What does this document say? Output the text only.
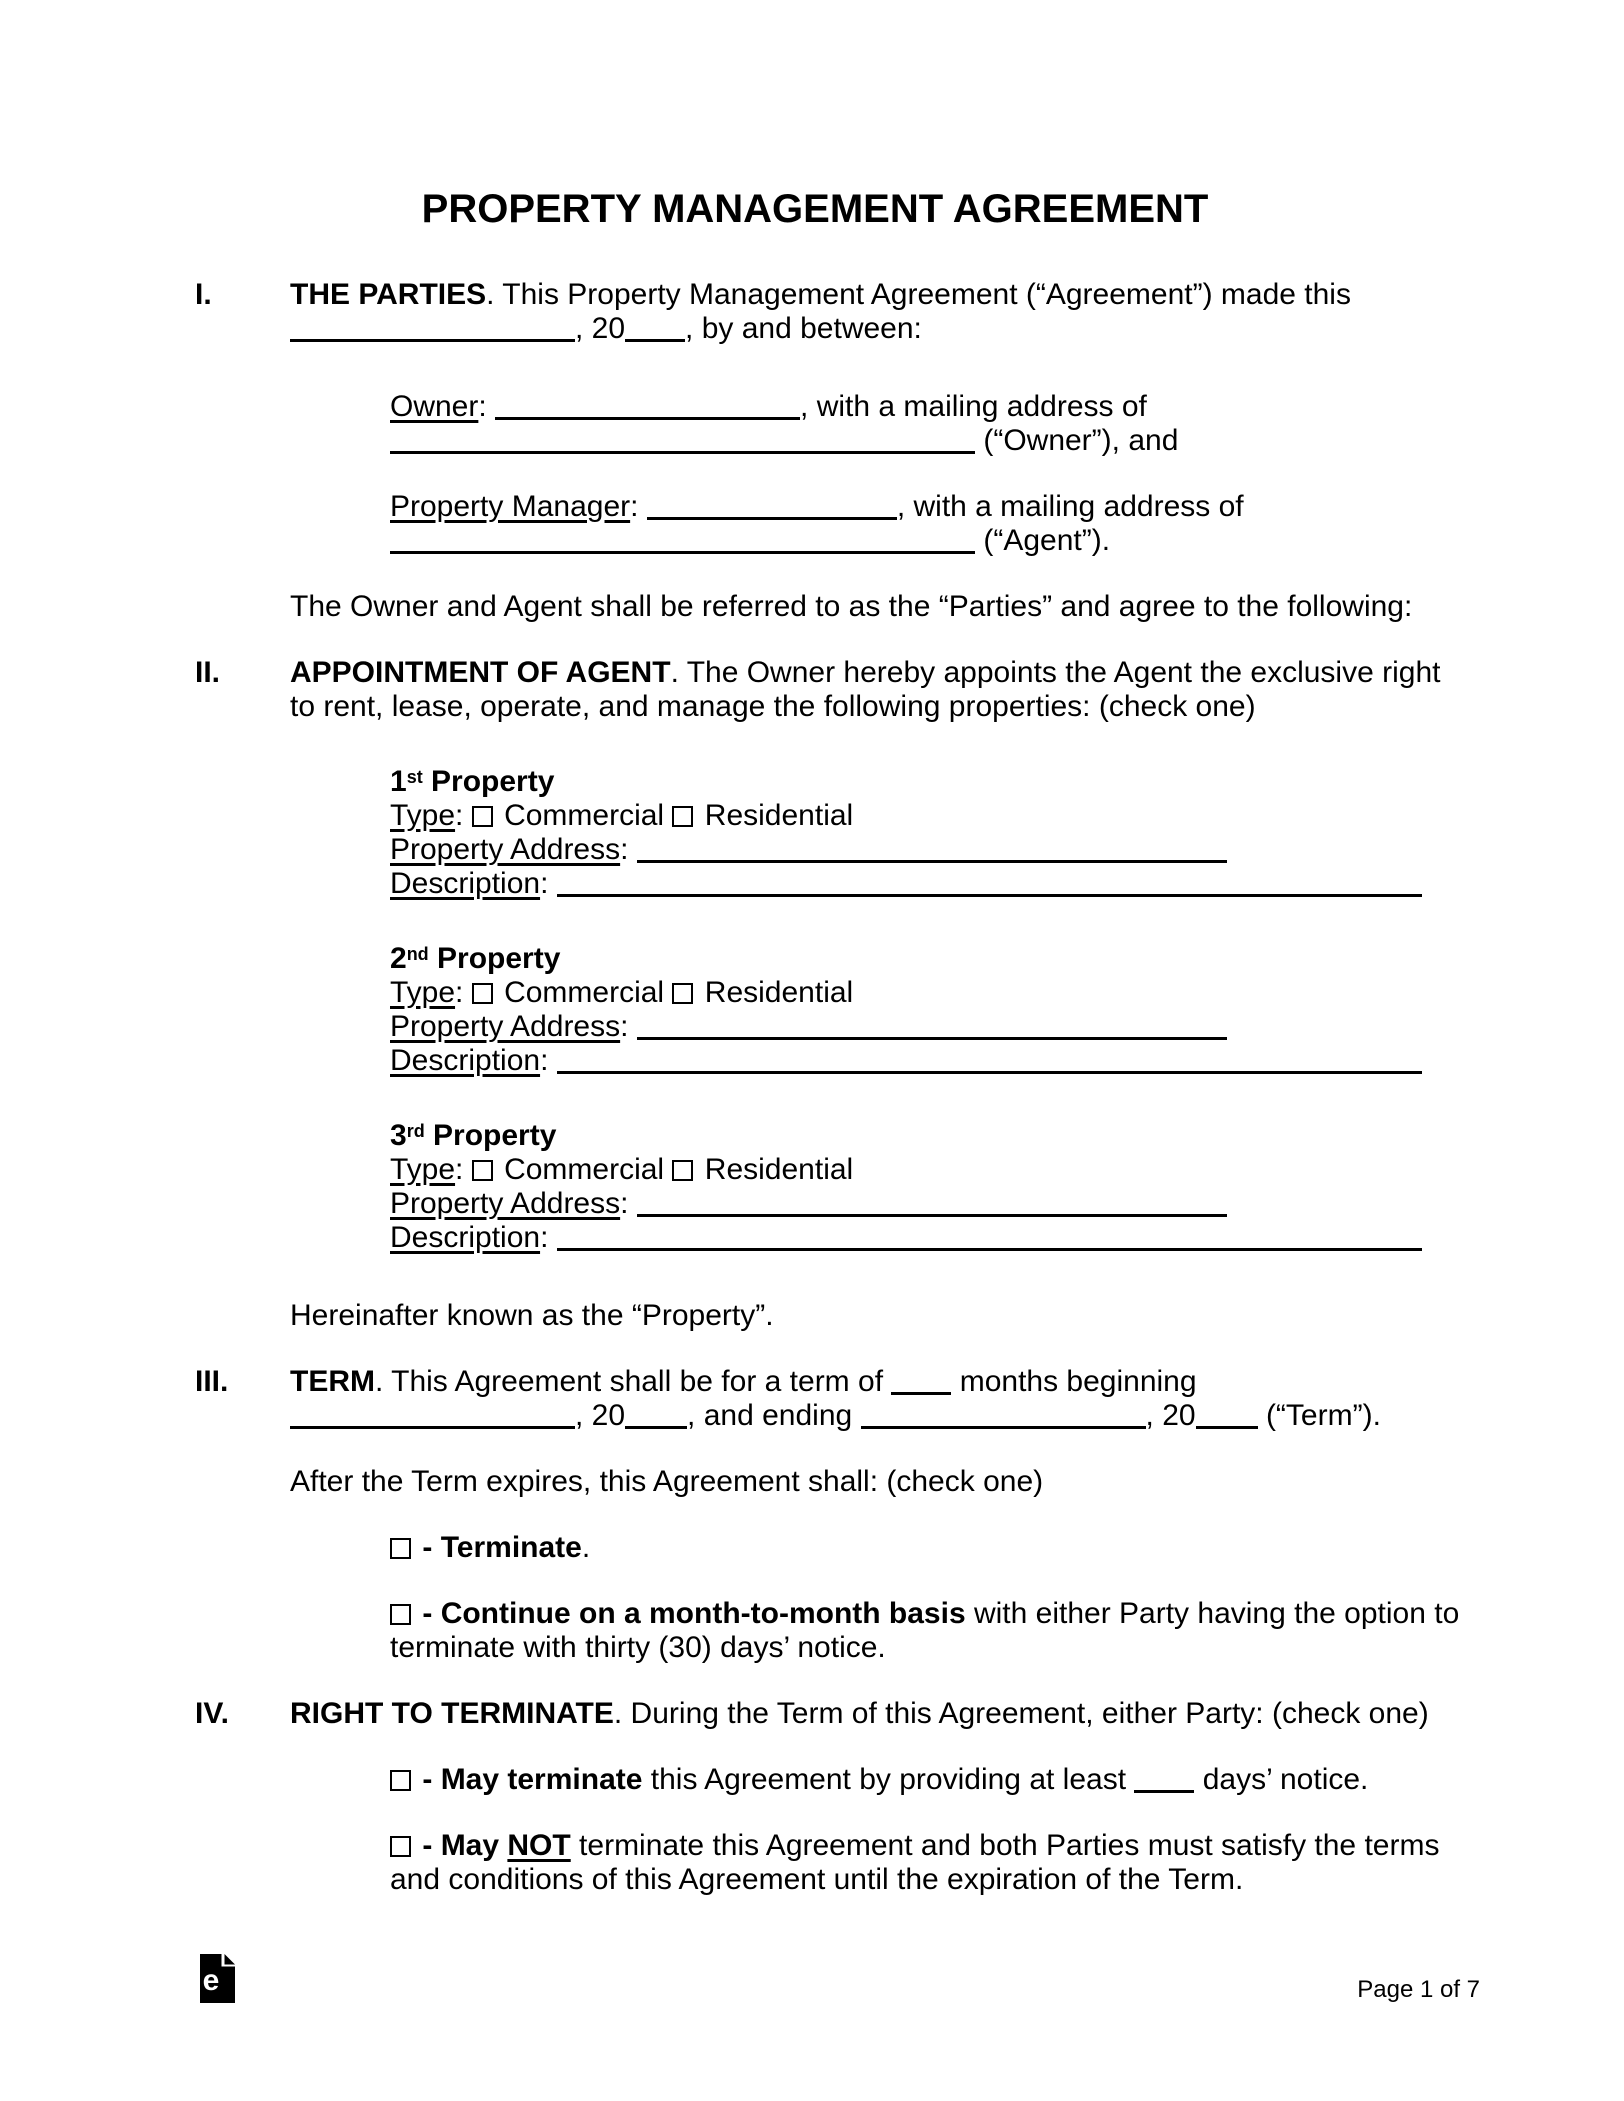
PROPERTY MANAGEMENT AGREEMENT
I.	THE PARTIES. This Property Management Agreement (“Agreement”) made this
, 20 , by and between:

Owner:	, with a mailing address of
(“Owner”), and

Property Manager:	, with a mailing address of
(“Agent”).

The Owner and Agent shall be referred to as the “Parties” and agree to the following:

II.	APPOINTMENT OF AGENT. The Owner hereby appoints the Agent the exclusive right
to rent, lease, operate, and manage the following properties: (check one)

1st Property
Type: Commercial Residential
Property Address:
Description:
2nd Property
Type: Commercial Residential
Property Address:
Description:
3rd Property
Type: Commercial Residential
Property Address:
Description:

Hereinafter known as the “Property”.

III.	TERM. This Agreement shall be for a term of	months beginning
, 20 , and ending	, 20 (“Term”).

After the Term expires, this Agreement shall: (check one)

- Terminate.

- Continue on a month-to-month basis with either Party having the option to
terminate with thirty (30) days’ notice.

IV.	RIGHT TO TERMINATE. During the Term of this Agreement, either Party: (check one)

- May terminate this Agreement by providing at least	days’ notice.

- May NOT terminate this Agreement and both Parties must satisfy the terms
and conditions of this Agreement until the expiration of the Term.

e	Page 1 of 7
